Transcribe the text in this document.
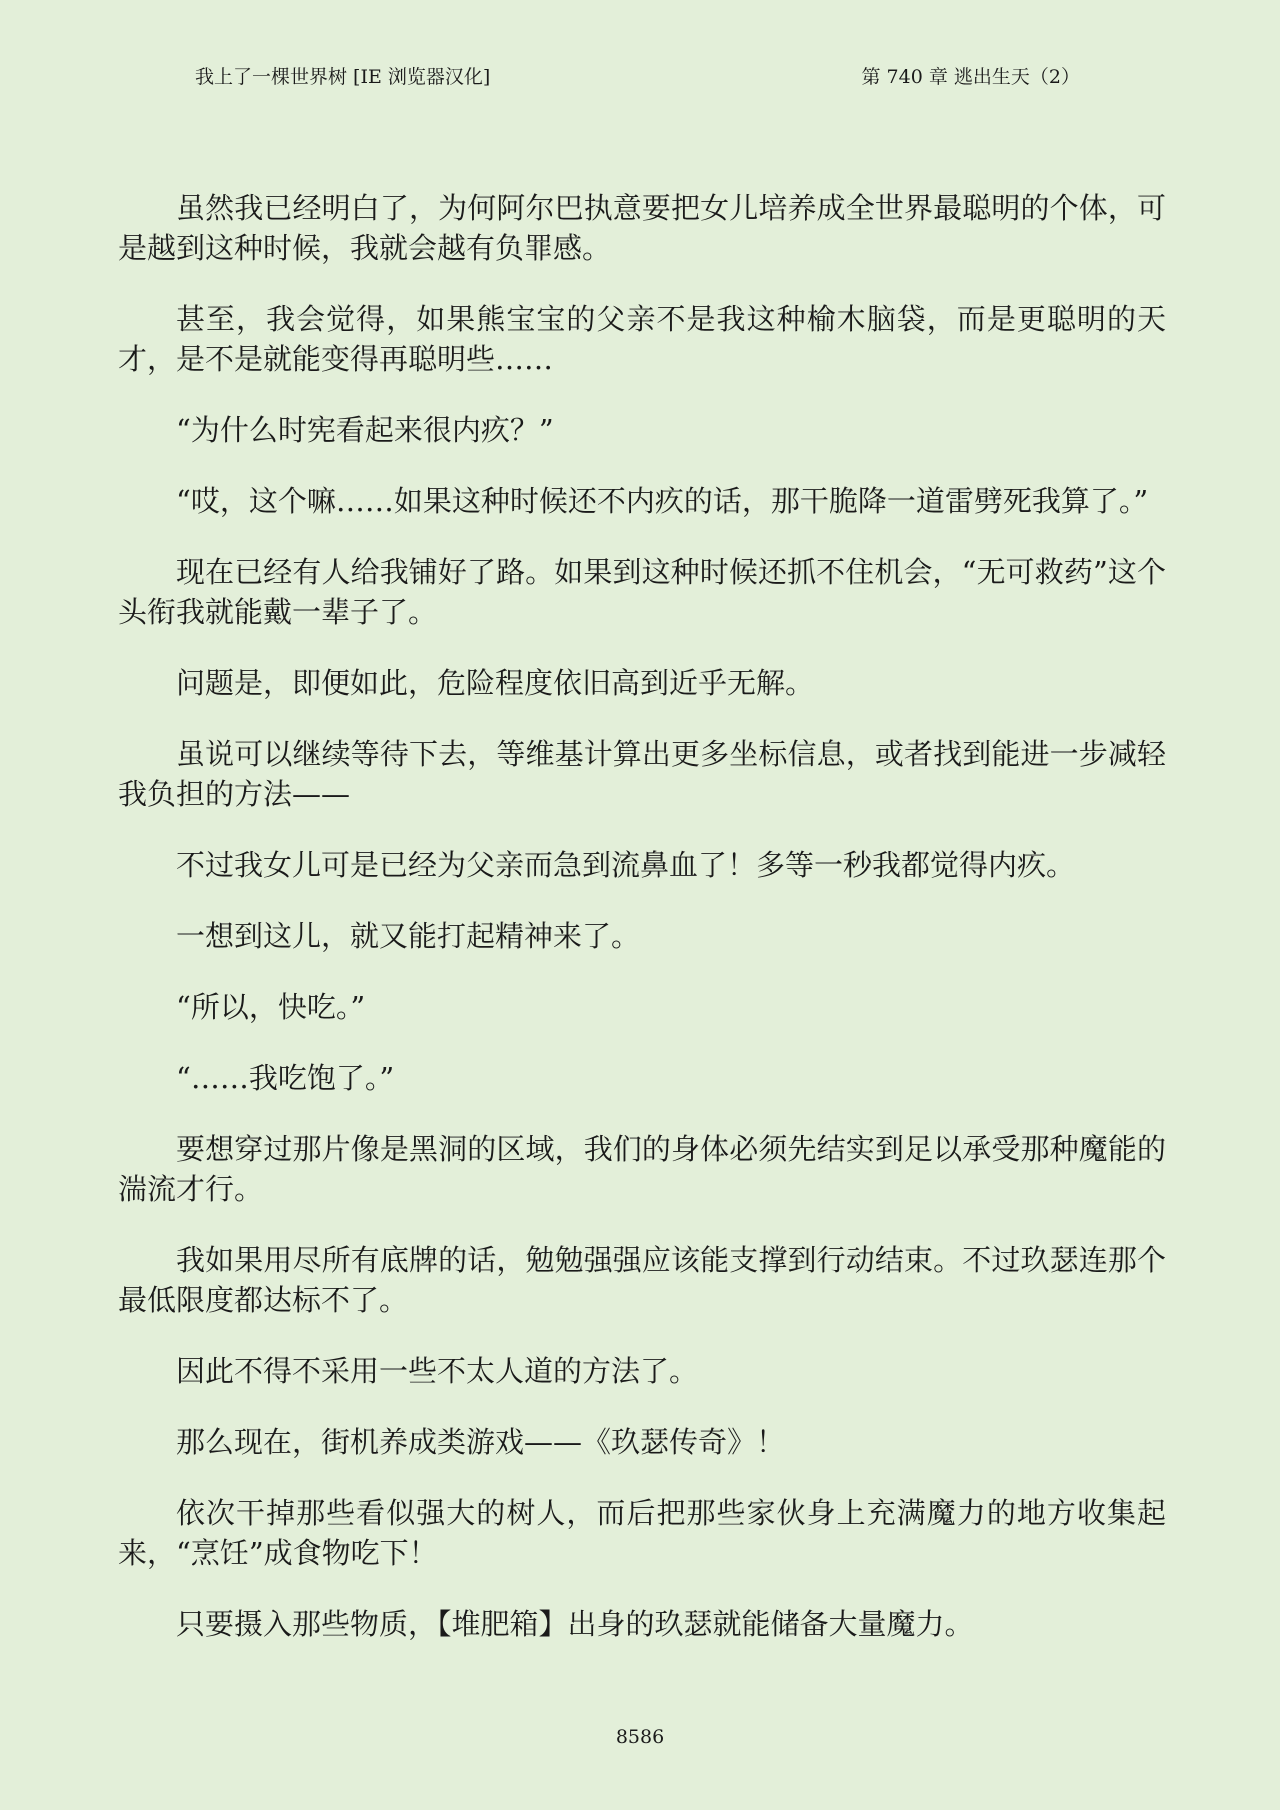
我上了一棵世界树 [IE 浏览器汉化]	第 740 章 逃出生天（2）

虽然我已经明白了，为何阿尔巴执意要把女儿培养成全世界最聪明的个体，可是越到这种时候，我就会越有负罪感。

甚至，我会觉得，如果熊宝宝的父亲不是我这种榆木脑袋，而是更聪明的天才，是不是就能变得再聪明些……

“为什么时宪看起来很内疚？”

“哎，这个嘛……如果这种时候还不内疚的话，那干脆降一道雷劈死我算了。”

现在已经有人给我铺好了路。如果到这种时候还抓不住机会，“无可救药”这个头衔我就能戴一辈子了。

问题是，即便如此，危险程度依旧高到近乎无解。

虽说可以继续等待下去，等维基计算出更多坐标信息，或者找到能进一步减轻我负担的方法——

不过我女儿可是已经为父亲而急到流鼻血了！多等一秒我都觉得内疚。

一想到这儿，就又能打起精神来了。

“所以，快吃。”

“……我吃饱了。”

要想穿过那片像是黑洞的区域，我们的身体必须先结实到足以承受那种魔能的湍流才行。

我如果用尽所有底牌的话，勉勉强强应该能支撑到行动结束。不过玖瑟连那个最低限度都达标不了。

因此不得不采用一些不太人道的方法了。

那么现在，街机养成类游戏——《玖瑟传奇》！

依次干掉那些看似强大的树人，而后把那些家伙身上充满魔力的地方收集起来，“烹饪”成食物吃下！

只要摄入那些物质，【堆肥箱】出身的玖瑟就能储备大量魔力。

8586
